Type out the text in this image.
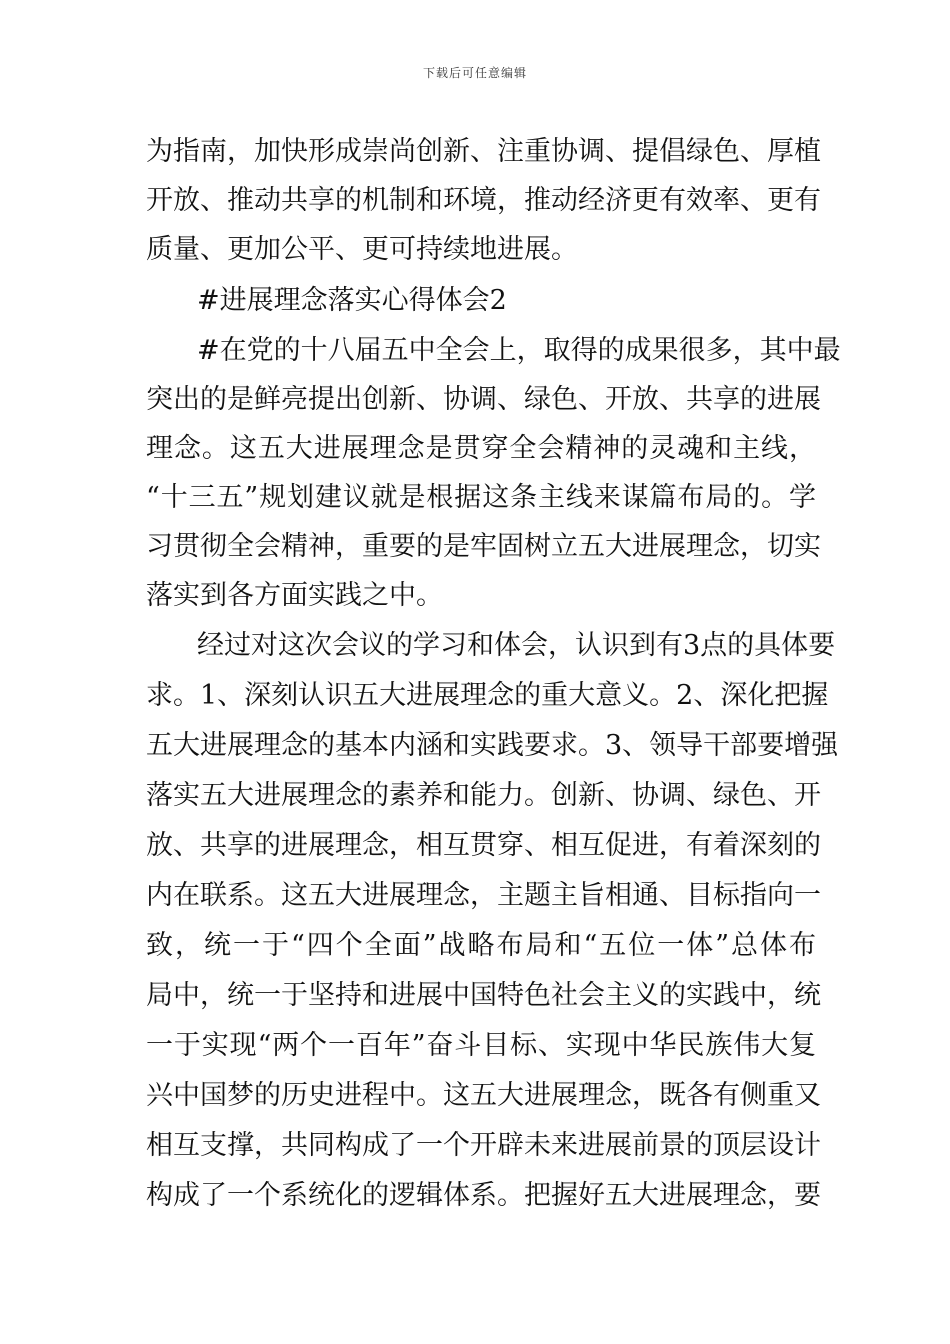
下载后可任意编辑
为指南，加快形成崇尚创新、注重协调、提倡绿色、厚植
开放、推动共享的机制和环境，推动经济更有效率、更有
质量、更加公平、更可持续地进展。
#进展理念落实心得体会2
#在党的十八届五中全会上，取得的成果很多，其中最
突出的是鲜亮提出创新、协调、绿色、开放、共享的进展
理念。这五大进展理念是贯穿全会精神的灵魂和主线，
“十三五”规划建议就是根据这条主线来谋篇布局的。学
习贯彻全会精神，重要的是牢固树立五大进展理念，切实
落实到各方面实践之中。
经过对这次会议的学习和体会，认识到有3点的具体要
求。1、深刻认识五大进展理念的重大意义。2、深化把握
五大进展理念的基本内涵和实践要求。3、领导干部要增强
落实五大进展理念的素养和能力。创新、协调、绿色、开
放、共享的进展理念，相互贯穿、相互促进，有着深刻的
内在联系。这五大进展理念，主题主旨相通、目标指向一
致，统一于“四个全面”战略布局和“五位一体”总体布
局中，统一于坚持和进展中国特色社会主义的实践中，统
一于实现“两个一百年”奋斗目标、实现中华民族伟大复
兴中国梦的历史进程中。这五大进展理念，既各有侧重又
相互支撑，共同构成了一个开辟未来进展前景的顶层设计
构成了一个系统化的逻辑体系。把握好五大进展理念，要
